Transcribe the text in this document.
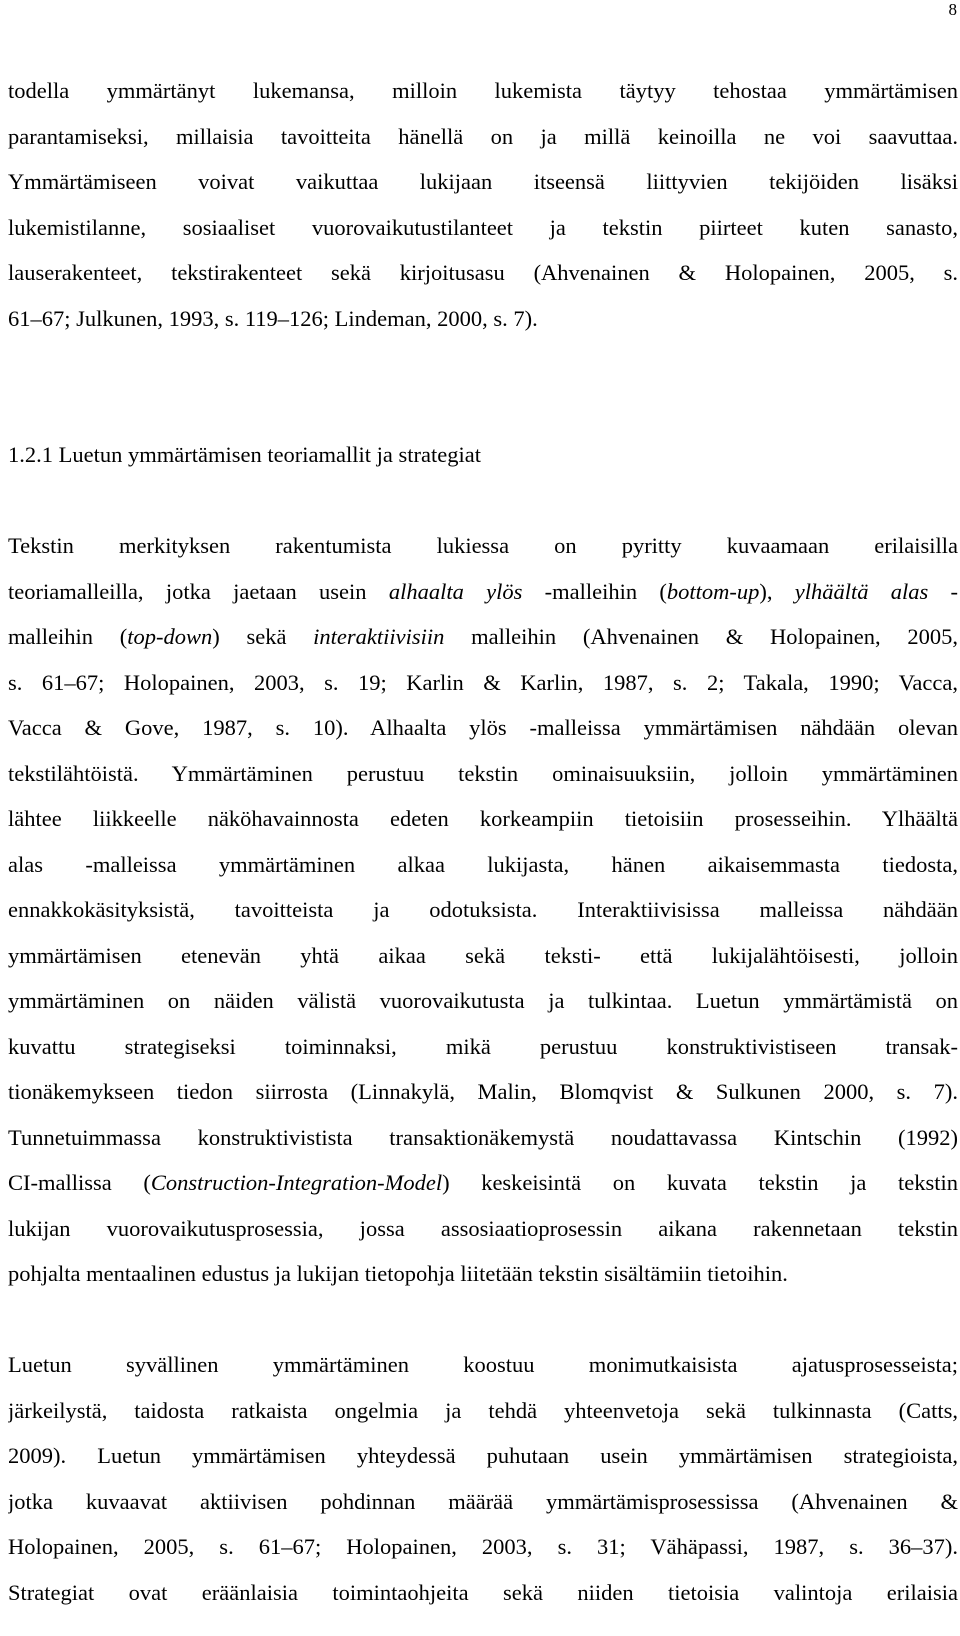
8
todella ymmärtänyt lukemansa, milloin lukemista täytyy tehostaa ymmärtämisen
parantamiseksi, millaisia tavoitteita hänellä on ja millä keinoilla ne voi saavuttaa.
Ymmärtämiseen voivat vaikuttaa lukijaan itseensä liittyvien tekijöiden lisäksi
lukemistilanne, sosiaaliset vuorovaikutustilanteet ja tekstin piirteet kuten sanasto,
lauserakenteet, tekstirakenteet sekä kirjoitusasu (Ahvenainen & Holopainen, 2005, s.
61–67; Julkunen, 1993, s. 119–126; Lindeman, 2000, s. 7).
1.2.1 Luetun ymmärtämisen teoriamallit ja strategiat
Tekstin merkityksen rakentumista lukiessa on pyritty kuvaamaan erilaisilla
teoriamalleilla, jotka jaetaan usein alhaalta ylös -malleihin (bottom-up), ylhäältä alas -
malleihin (top-down) sekä interaktiivisiin malleihin (Ahvenainen & Holopainen, 2005,
s. 61–67; Holopainen, 2003, s. 19; Karlin & Karlin, 1987, s. 2; Takala, 1990; Vacca,
Vacca & Gove, 1987, s. 10). Alhaalta ylös -malleissa ymmärtämisen nähdään olevan
tekstilähtöistä. Ymmärtäminen perustuu tekstin ominaisuuksiin, jolloin ymmärtäminen
lähtee liikkeelle näköhavainnosta edeten korkeampiin tietoisiin prosesseihin. Ylhäältä
alas -malleissa ymmärtäminen alkaa lukijasta, hänen aikaisemmasta tiedosta,
ennakkokäsityksistä, tavoitteista ja odotuksista. Interaktiivisissa malleissa nähdään
ymmärtämisen etenevän yhtä aikaa sekä teksti- että lukijalähtöisesti, jolloin
ymmärtäminen on näiden välistä vuorovaikutusta ja tulkintaa. Luetun ymmärtämistä on
kuvattu strategiseksi toiminnaksi, mikä perustuu konstruktivistiseen transak-
tionäkemykseen tiedon siirrosta (Linnakylä, Malin, Blomqvist & Sulkunen 2000, s. 7).
Tunnetuimmassa konstruktivistista transaktionäkemystä noudattavassa Kintschin (1992)
CI-mallissa (Construction-Integration-Model) keskeisintä on kuvata tekstin ja tekstin
lukijan vuorovaikutusprosessia, jossa assosiaatioprosessin aikana rakennetaan tekstin
pohjalta mentaalinen edustus ja lukijan tietopohja liitetään tekstin sisältämiin tietoihin.
Luetun syvällinen ymmärtäminen koostuu monimutkaisista ajatusprosesseista;
järkeilystä, taidosta ratkaista ongelmia ja tehdä yhteenvetoja sekä tulkinnasta (Catts,
2009). Luetun ymmärtämisen yhteydessä puhutaan usein ymmärtämisen strategioista,
jotka kuvaavat aktiivisen pohdinnan määrää ymmärtämisprosessissa (Ahvenainen &
Holopainen, 2005, s. 61–67; Holopainen, 2003, s. 31; Vähäpassi, 1987, s. 36–37).
Strategiat ovat eräänlaisia toimintaohjeita sekä niiden tietoisia valintoja erilaisia
